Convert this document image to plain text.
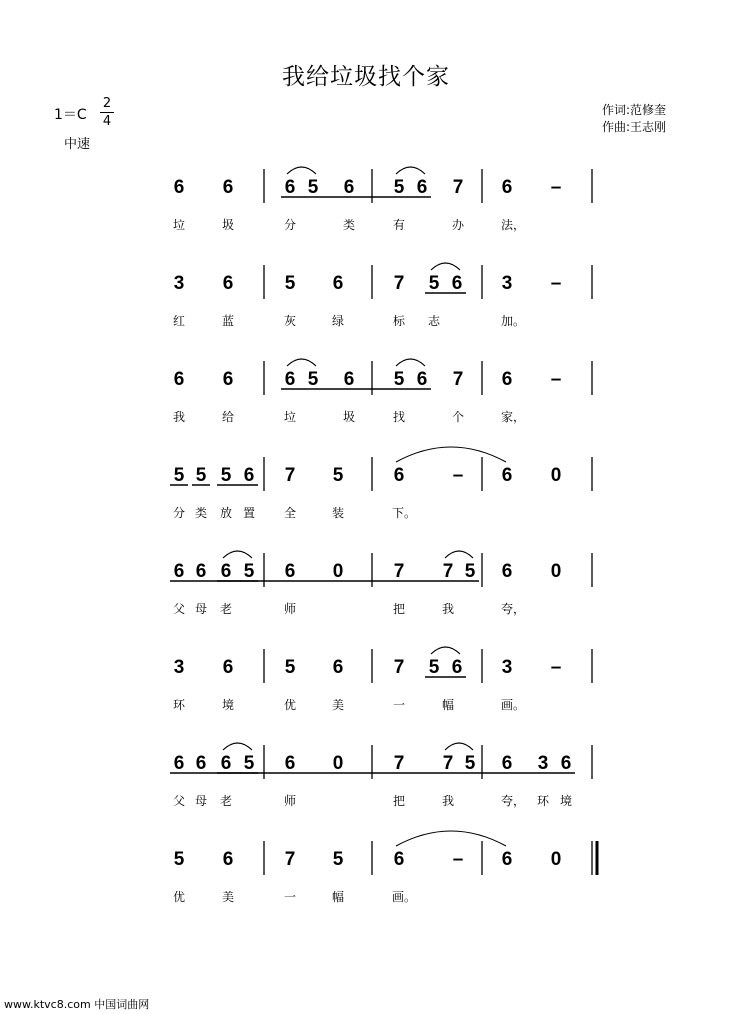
我给垃圾找个家
1＝C
2
4
中速
作词:范修奎
作曲:王志刚
6 6	6 5 6 5 6 7 6 –
垃	圾	分	类	有	办	法，
3 6	5 6	7 5 6 3 –
红	蓝	灰	绿	标 志	加。
6 6	6 5 6 5 6 7 6 –
我	给	垃	圾	找	个	家，
5 5 5 6 7 5	6	– 6 0
分 类 放 置 全	装	下。
6 6 6 5 6 0	7 7 5 6 0
父 母 老	师	把	我	夸，
3 6	5 6	7 5 6 3 –
环	境	优	美	一	幅	画。
6 6 6 5 6 0	7 7 5 6 3 6
父 母 老	师	把	我	夸， 环 境
5 6	7 5	6	– 6 0
优	美	一	幅	画。
www.ktvc8.com 中国词曲网
